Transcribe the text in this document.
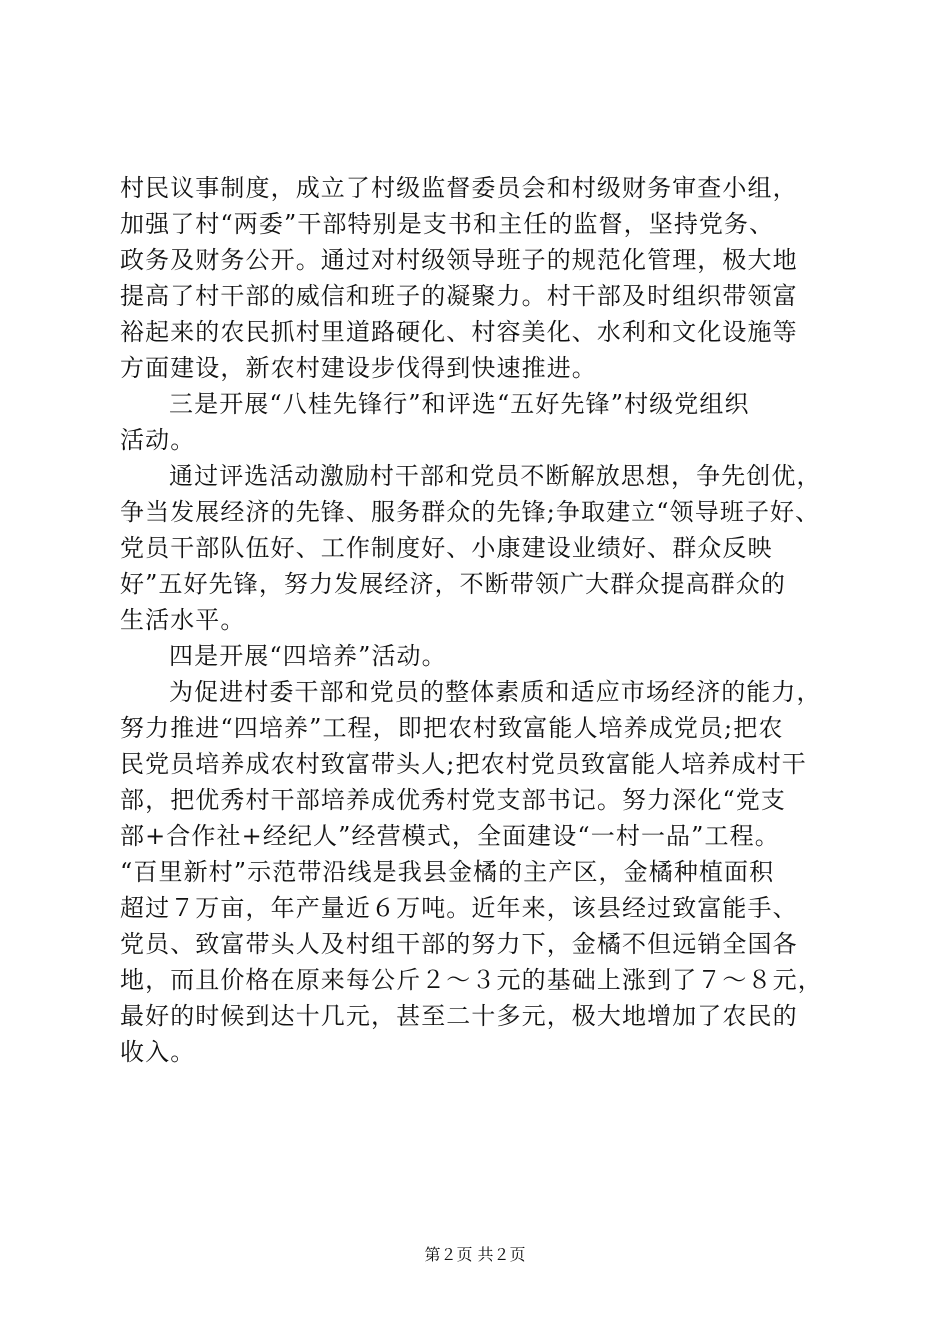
村民议事制度，成立了村级监督委员会和村级财务审查小组，
加强了村“两委”干部特别是支书和主任的监督，坚持党务、
政务及财务公开。通过对村级领导班子的规范化管理，极大地
提高了村干部的威信和班子的凝聚力。村干部及时组织带领富
裕起来的农民抓村里道路硬化、村容美化、水利和文化设施等
方面建设，新农村建设步伐得到快速推进。
三是开展“八桂先锋行”和评选“五好先锋”村级党组织
活动。
通过评选活动激励村干部和党员不断解放思想，争先创优，
争当发展经济的先锋、服务群众的先锋;争取建立“领导班子好、
党员干部队伍好、工作制度好、小康建设业绩好、群众反映
好”五好先锋，努力发展经济，不断带领广大群众提高群众的
生活水平。
四是开展“四培养”活动。
为促进村委干部和党员的整体素质和适应市场经济的能力，
努力推进“四培养”工程，即把农村致富能人培养成党员;把农
民党员培养成农村致富带头人;把农村党员致富能人培养成村干
部，把优秀村干部培养成优秀村党支部书记。努力深化“党支
部+合作社+经纪人”经营模式，全面建设“一村一品”工程。
“百里新村”示范带沿线是我县金橘的主产区，金橘种植面积
超过７万亩，年产量近６万吨。近年来，该县经过致富能手、
党员、致富带头人及村组干部的努力下，金橘不但远销全国各
地，而且价格在原来每公斤２～３元的基础上涨到了７～８元，
最好的时候到达十几元，甚至二十多元，极大地增加了农民的
收入。
第２页 共２页
